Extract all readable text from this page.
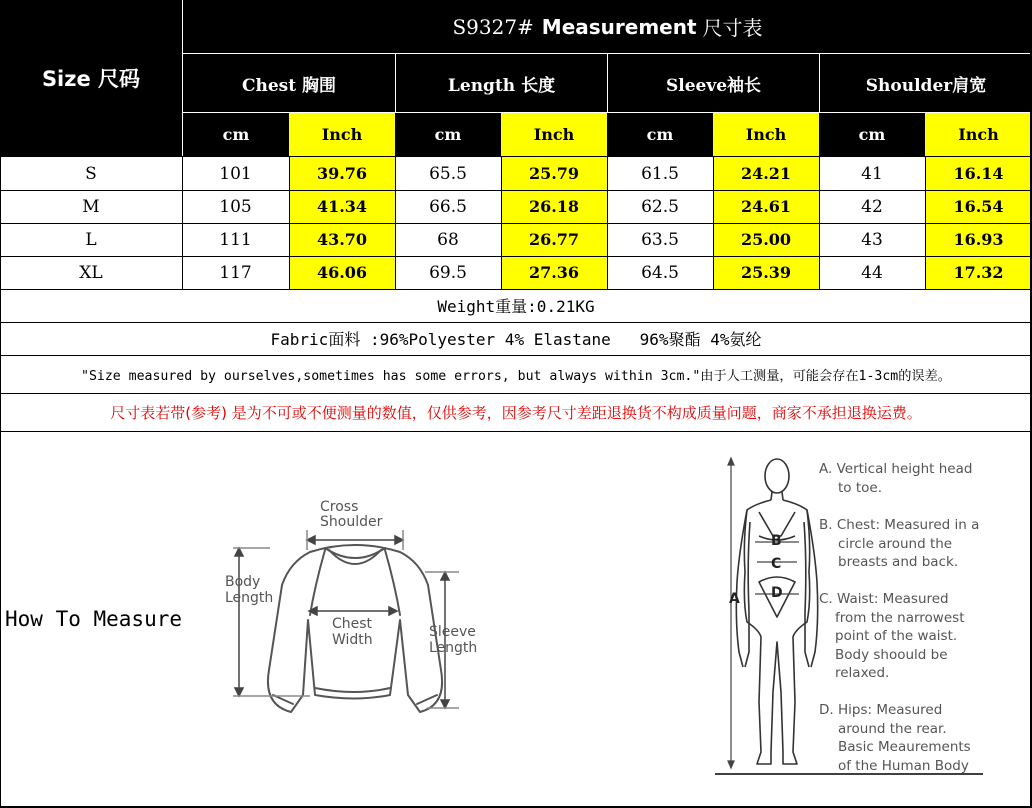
Size 尺码
S9327# Measurement 尺寸表
Chest 胸围	Length 长度	Sleeve袖长	Shoulder肩宽
cm	Inch	cm	Inch	cm	Inch	cm	Inch
S	101	39.76	65.5	25.79	61.5	24.21	41	16.14
M	105	41.34	66.5	26.18	62.5	24.61	42	16.54
L	111	43.70	68	26.77	63.5	25.00	43	16.93
XL	117	46.06	69.5	27.36	64.5	25.39	44	17.32
Weight重量:0.21KG
Fabric面料 :96%Polyester 4% Elastane   96%聚酯 4%氨纶
"Size measured by ourselves,sometimes has some errors, but always within 3cm."由于人工测量，可能会存在1-3cm的误差。
尺寸表若带(参考) 是为不可或不便测量的数值，仅供参考，因参考尺寸差距退换货不构成质量问题，商家不承担退换运费。
How To Measure
Cross
Shoulder
Body
Length
Chest
Width	Sleeve
Length
A
B
C
D
A. Vertical height head
to toe.
B. Chest: Measured in a
circle around the
breasts and back.
C. Waist: Measured
from the narrowest
point of the waist.
Body shoould be
relaxed.
D. Hips: Measured
around the rear.
Basic Meaurements
of the Human Body
